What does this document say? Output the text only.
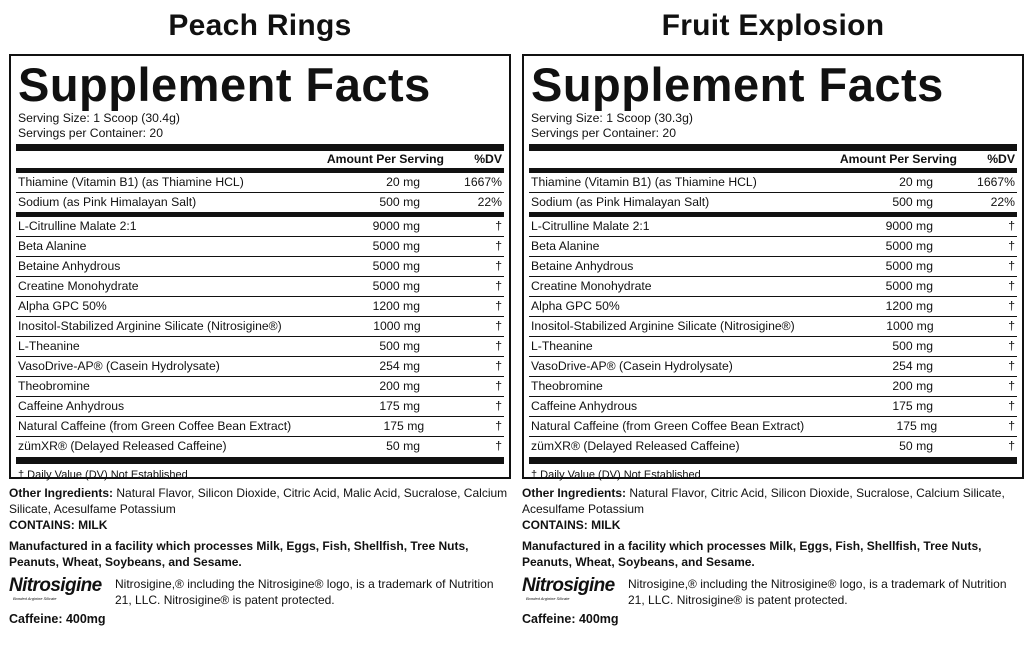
Peach Rings
Supplement Facts
Serving Size: 1 Scoop (30.4g)
Servings per Container: 20
Amount Per Serving	%DV
Thiamine (Vitamin B1) (as Thiamine HCL)	20 mg	1667%
Sodium (as Pink Himalayan Salt)	500 mg	22%
L-Citrulline Malate 2:1	9000 mg	†
Beta Alanine	5000 mg	†
Betaine Anhydrous	5000 mg	†
Creatine Monohydrate	5000 mg	†
Alpha GPC 50%	1200 mg	†
Inositol-Stabilized Arginine Silicate (Nitrosigine®)	1000 mg	†
L-Theanine	500 mg	†
VasoDrive-AP® (Casein Hydrolysate)	254 mg	†
Theobromine	200 mg	†
Caffeine Anhydrous	175 mg	†
Natural Caffeine (from Green Coffee Bean Extract)	175 mg	†
zümXR® (Delayed Released Caffeine)	50 mg	†
† Daily Value (DV) Not Established

Other Ingredients: Natural Flavor, Silicon Dioxide, Citric Acid, Malic Acid, Sucralose, Calcium Silicate, Acesulfame Potassium

CONTAINS: MILK
Manufactured in a facility which processes Milk, Eggs, Fish, Shellfish, Tree Nuts, Peanuts, Wheat, Soybeans, and Sesame.
Nitrosigine
Bonded Arginine Silicate
Nitrosigine,® including the Nitrosigine® logo, is a trademark of Nutrition 21, LLC. Nitrosigine® is patent protected.
Caffeine: 400mg
Fruit Explosion
Supplement Facts
Serving Size: 1 Scoop (30.3g)
Servings per Container: 20
Amount Per Serving	%DV
Thiamine (Vitamin B1) (as Thiamine HCL)	20 mg	1667%
Sodium (as Pink Himalayan Salt)	500 mg	22%
L-Citrulline Malate 2:1	9000 mg	†
Beta Alanine	5000 mg	†
Betaine Anhydrous	5000 mg	†
Creatine Monohydrate	5000 mg	†
Alpha GPC 50%	1200 mg	†
Inositol-Stabilized Arginine Silicate (Nitrosigine®)	1000 mg	†
L-Theanine	500 mg	†
VasoDrive-AP® (Casein Hydrolysate)	254 mg	†
Theobromine	200 mg	†
Caffeine Anhydrous	175 mg	†
Natural Caffeine (from Green Coffee Bean Extract)	175 mg	†
zümXR® (Delayed Released Caffeine)	50 mg	†
† Daily Value (DV) Not Established

Other Ingredients: Natural Flavor, Citric Acid, Silicon Dioxide, Sucralose, Calcium Silicate, Acesulfame Potassium

CONTAINS: MILK
Manufactured in a facility which processes Milk, Eggs, Fish, Shellfish, Tree Nuts, Peanuts, Wheat, Soybeans, and Sesame.
Nitrosigine
Bonded Arginine Silicate
Nitrosigine,® including the Nitrosigine® logo, is a trademark of Nutrition 21, LLC. Nitrosigine® is patent protected.
Caffeine: 400mg
